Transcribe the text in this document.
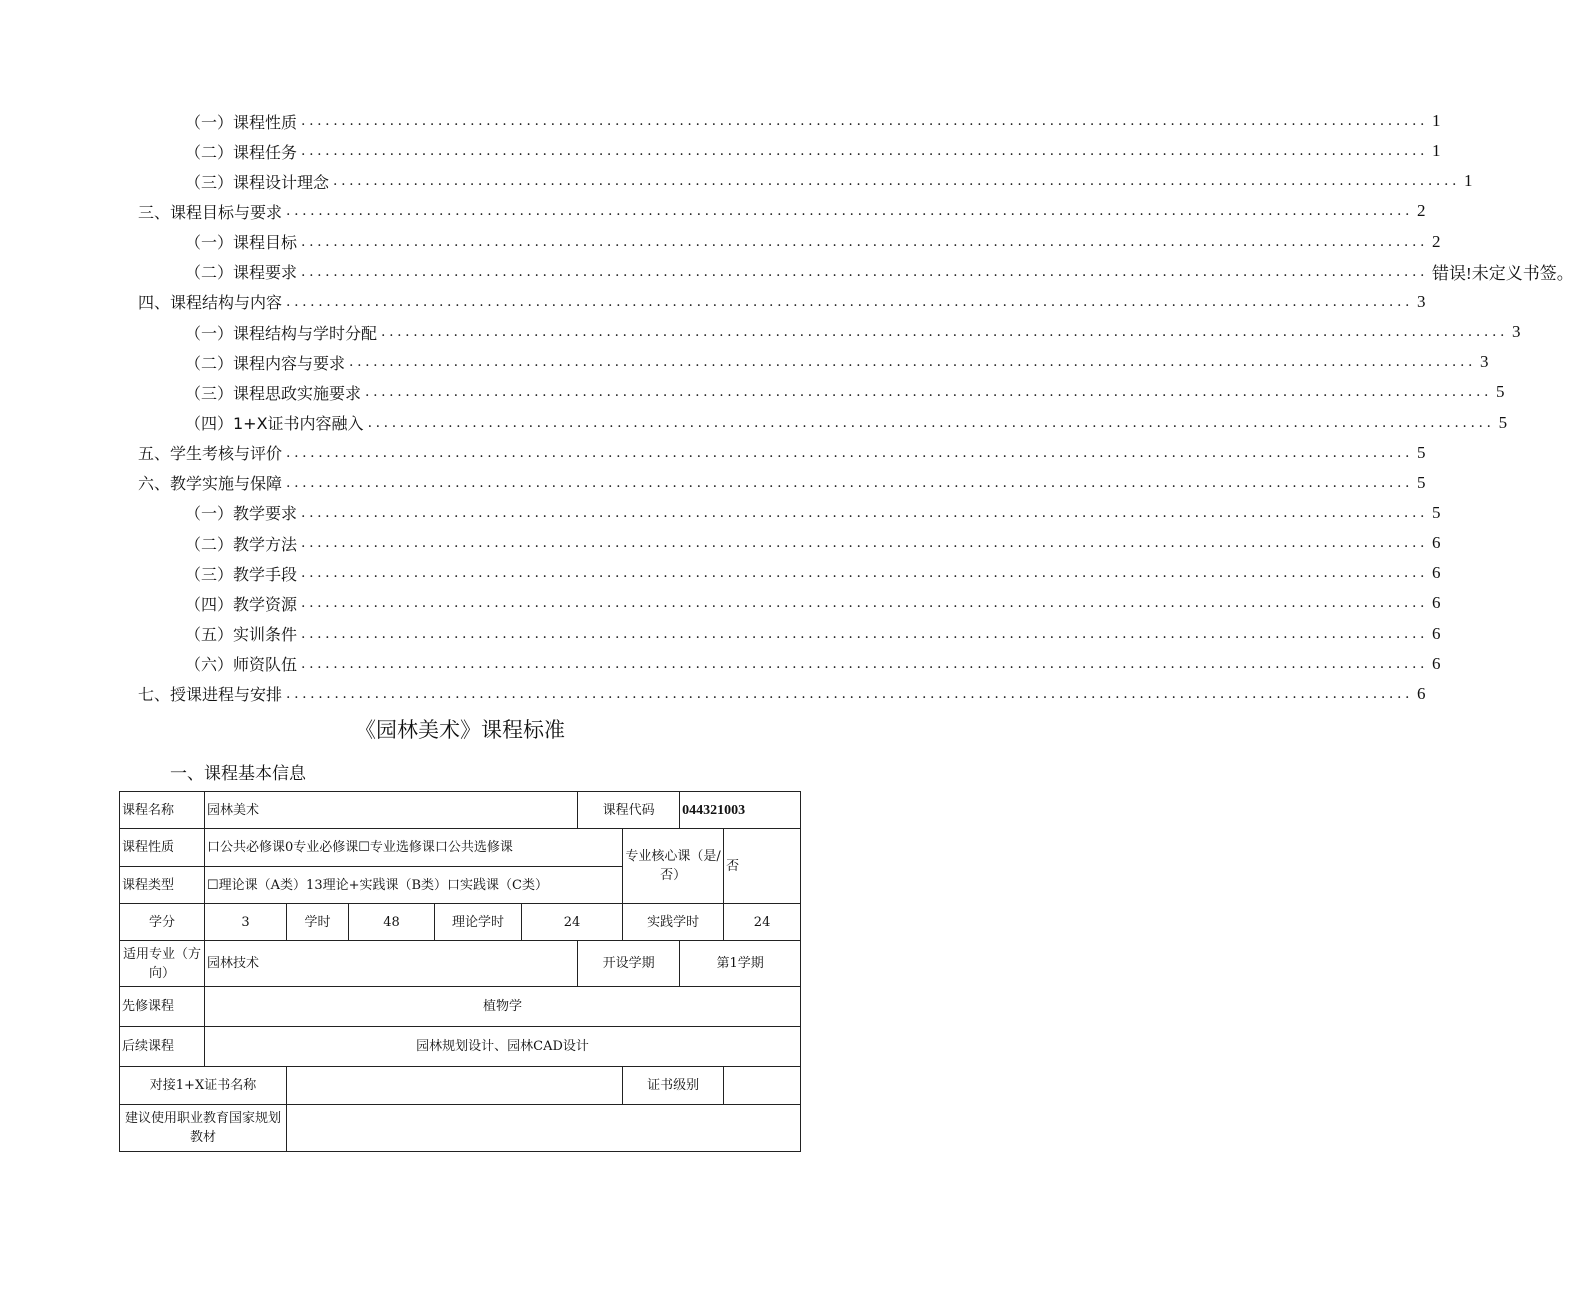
（一）课程性质 ............................................................................................................................................ 1
（二）课程任务 ............................................................................................................................................ 1
（三）课程设计理念 ............................................................................................................................................ 1
三、课程目标与要求 ............................................................................................................................................ 2
（一）课程目标 ............................................................................................................................................ 2
（二）课程要求 ............................................................................................................................................ 错误!未定义书签。
四、课程结构与内容 ............................................................................................................................................ 3
（一）课程结构与学时分配 ............................................................................................................................................ 3
（二）课程内容与要求 ............................................................................................................................................ 3
（三）课程思政实施要求 ............................................................................................................................................ 5
（四）1+X证书内容融入 ............................................................................................................................................ 5
五、学生考核与评价 ............................................................................................................................................ 5
六、教学实施与保障 ............................................................................................................................................ 5
（一）教学要求 ............................................................................................................................................ 5
（二）教学方法 ............................................................................................................................................ 6
（三）教学手段 ............................................................................................................................................ 6
（四）教学资源 ............................................................................................................................................ 6
（五）实训条件 ............................................................................................................................................ 6
（六）师资队伍 ............................................................................................................................................ 6
七、授课进程与安排 ............................................................................................................................................ 6
《园林美术》课程标准
一、课程基本信息
课程名称	园林美术					课程代码		044321003	
课程性质	口公共必修课0专业必修课☐专业选修课口公共选修课						专业核心课（是/否）		否
课程类型	☐理论课（A类）13理论+实践课（B类）口实践课（C类）								
学分	3	学时	48	理论学时	24		实践学时		24
适用专业（方向）	园林技术					开设学期		第1学期	
先修课程	植物学								
后续课程	园林规划设计、园林CAD设计								
对接1+X证书名称							证书级别		
建议使用职业教育国家规划教材									
